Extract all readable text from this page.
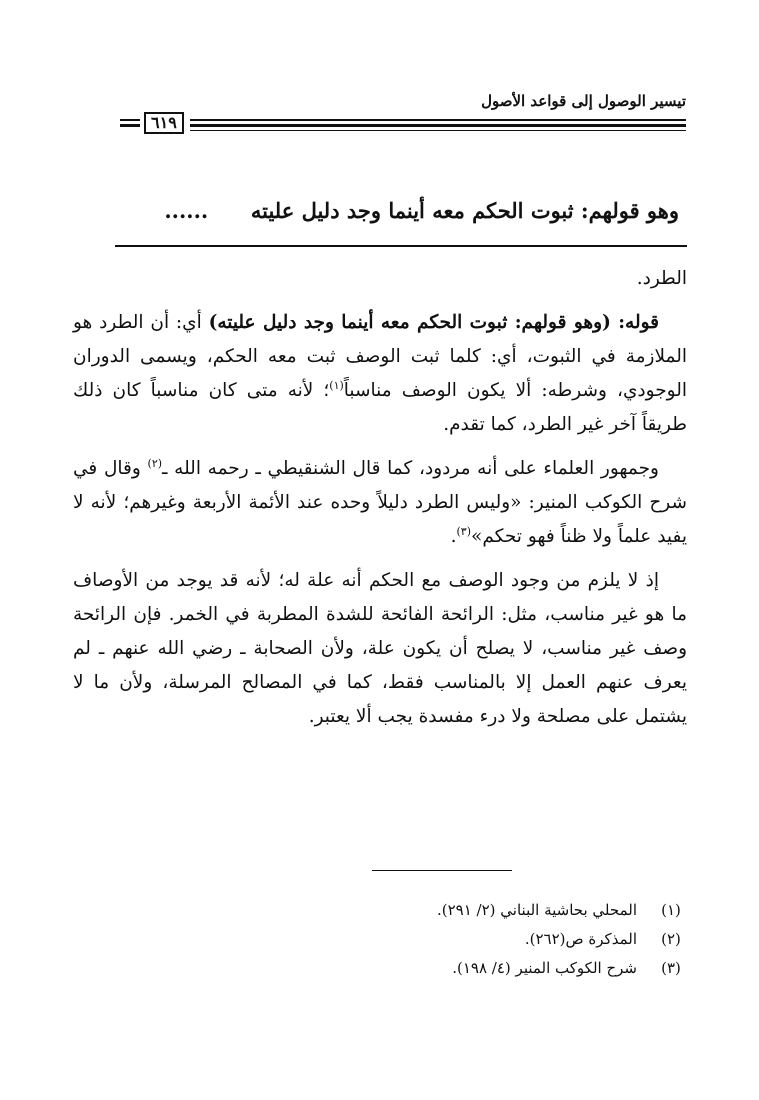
تيسير الوصول إلى قواعد الأصول
٦١٩
وهو قولهم: ثبوت الحكم معه أينما وجد دليل عليته  ......

الطرد.

قوله: (وهو قولهم: ثبوت الحكم معه أينما وجد دليل عليته) أي: أن الطرد هو الملازمة في الثبوت، أي: كلما ثبت الوصف ثبت معه الحكم، ويسمى الدوران الوجودي، وشرطه: ألا يكون الوصف مناسباً$^{(١)}$؛ لأنه متى كان مناسباً كان ذلك طريقاً آخر غير الطرد، كما تقدم.

وجمهور العلماء على أنه مردود، كما قال الشنقيطي ـ رحمه الله ـ$^{(٢)}$ وقال في شرح الكوكب المنير: «وليس الطرد دليلاً وحده عند الأئمة الأربعة وغيرهم؛ لأنه لا يفيد علماً ولا ظناً فهو تحكم»$^{(٣)}$.

إذ لا يلزم من وجود الوصف مع الحكم أنه علة له؛ لأنه قد يوجد من الأوصاف ما هو غير مناسب، مثل: الرائحة الفائحة للشدة المطربة في الخمر. فإن الرائحة وصف غير مناسب، لا يصلح أن يكون علة، ولأن الصحابة ـ رضي الله عنهم ـ لم يعرف عنهم العمل إلا بالمناسب فقط، كما في المصالح المرسلة، ولأن ما لا يشتمل على مصلحة ولا درء مفسدة يجب ألا يعتبر.

(١)
المحلي بحاشية البناني (٢/ ٢٩١).
(٢)
المذكرة ص(٢٦٢).
(٣)
شرح الكوكب المنير (٤/ ١٩٨).
